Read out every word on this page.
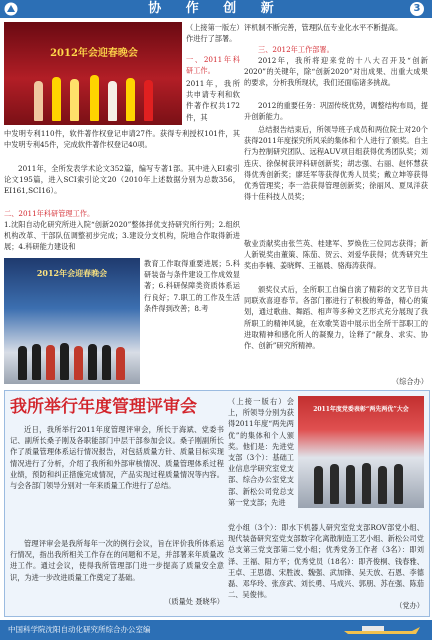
协 作 创 新	3
2012年会迎春晚会
（上接第一版左）作进行了部署。
一、2011年科研工作。
2011年，我所共申请专利和软件著作权共172件，其
中发明专利110件，软件著作权登记申请27件。获得专利授权101件，其中发明专利45件，完成软件著作权登记40项。
2011年，全所发表学术论文352篇，编写专著1部。其中进入EI索引论文195篇，进入SCI索引论文20（2010年上述数据分别为总数356，EI161,SCI16）。
二、2011年科研管理工作。
1.沈阳自动化研究所进入院“创新2020”整体择优支持研究所行列；2.组织机构改革、干部队伍调整初步完成；3.建设分支机构，院地合作取得新进展；4.科研能力建设和
2012年会迎春晚会
教育工作取得重要进展；5.科研装备与条件建设工作成效显著；6.科研保障类资质体系运行良好；7.职工的工作及生活条件得到改善；8.考
评机制不断完善，管理队伍专业化水平不断提高。
三、2012年工作部署。
2012年，我所将迎来党的十八大召开及“创新2020”的关键年，除“创新2020”对出成果、出重大成果的要求，分析我所现状，我们还面临诸多挑战。
2012的重要任务：巩固传统优势，调整结构布局，提升创新能力。
总结报告结束后，所领导班子成员和两位院士对20个获得2011年度探究所风采的集体和个人进行了颁奖。自主行为控制研究团队、远程AUV项目组获得优秀团队奖；刘连庆、徐保树获评科研创新奖；胡志强、右丽、赵怀慧获得优秀创新奖；廖廷军等获得优秀人员奖；戴立坤等获得优秀管理奖；李一浩获得管理创新奖；徐丽风、夏凤洋获得十佳科技人员奖；
敬业贡献奖由张竺英、桂建军、罗焕佐三位同志获得；新人新锐奖由董策、陈茄、贺云、刘爱华获得；优秀研究生奖由李楠、姜晓辉、王福晨、骆海涛获得。
颁奖仪式后，全所职工自编自演了精彩的文艺节目共同联欢喜迎春节。各部门都进行了积极的筹备，精心的策划，通过歌曲、舞蹈、相声等多种文艺形式充分展现了我所职工的精神风貌，在欢歌笑语中展示出全所干部职工的进取精神和感化所人的凝聚力，诠释了“献身、求实、协作、创新”研究所精神。
（综合办）
我所举行年度管理评审会
近日，我所举行2011年度管理评审会，所长于海斌、党委书记、副所长桑子刚及各职能部门中层干部参加会议。桑子刚副所长作了质量管理体系运行情况报告，对包括质量方针、质量目标实现情况进行了分析，介绍了我所和外部审核情况、质量管理体系过程业绩，预防和纠正措施完成情况，产品实现过程质量情况等内容。与会各部门领导分别对一年来质量工作进行了总结。
管理评审会是我所每年一次的例行会议，旨在评价我所体系运行情况，指出我所相关工作存在的问题和不足，并部署来年质量改进工作。通过会议，使得我所管理部门进一步提高了质量安全意识，为进一步改进质量工作奠定了基础。
（质量处 聂晓华）
（上接一版右）会上，所领导分别为获得2011年度“两先两优”的集体和个人颁奖。他们是：先进党支部（3个）：基础工业信息学研究室党支部、综合办公室党支部、新松公司党总支第一党支部；先进
2011年度党委表彰“两先两优”大会
党小组（3个）：即水下机器人研究室党支部ROV部党小组、现代装备研究室党支部数字化离散制造工艺小组、新松公司党总支第三党支部第二党小组；优秀党务工作者（3名）：即刘泽、王福、阳方平；优秀党员（18名）：即齐俊桐、钱春雅、王卓、王思德、宋胜波、魏强、武加锋、吴天放、石恩、李德磊、邓华玲、张彦武、刘长勇、马成兴、郭朋、苏在强、陈茄二、吴俊伟。
（党办）
中国科学院沈阳自动化研究所综合办公室编
